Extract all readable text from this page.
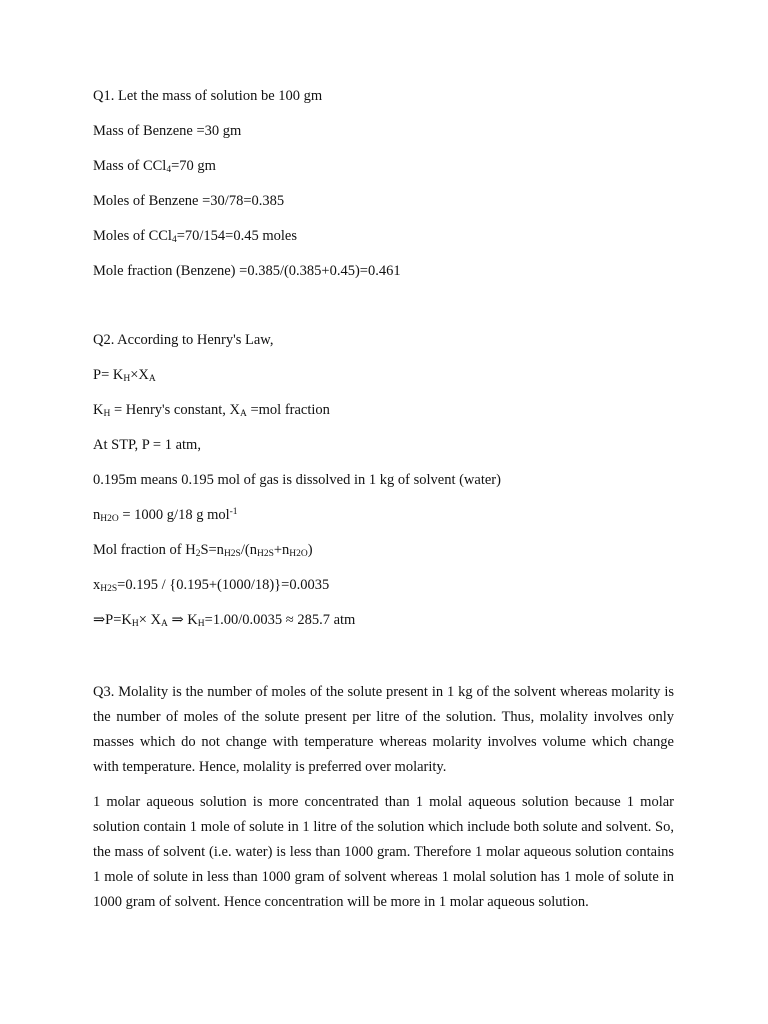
Q1. Let the mass of solution be 100 gm

Mass of Benzene =30 gm

Mass of CCl$_4$=70 gm

Moles of Benzene =30/78=0.385

Moles of CCl$_4$=70/154=0.45 moles

Mole fraction (Benzene) =0.385/(0.385+0.45)=0.461

Q2. According to Henry's Law,

$P= K_H\times X_A$

$K_H$ = Henry's constant, $X_A =mol$ fraction

At STP, P = 1 atm,

0.195m means 0.195 mol of gas is dissolved in 1 kg of solvent (water)

$n_{H2O} = 1000$ g/18 g mol$^{-1}$

Mol fraction of $H_2S=n_{H2S}/(n_{H2S}+n_{H2O})$

$x_{H2S}=0.195 / \{0.195+(1000/18)\}=0.0035$

$\Rightarrow P=K_H\times X_A$ ⇒ $K_H=1.00/0.0035 \approx 285.7$ atm

Q3. Molality is the number of moles of the solute present in 1 kg of the solvent whereas molarity is the number of moles of the solute present per litre of the solution. Thus, molality involves only masses which do not change with temperature whereas molarity involves volume which change with temperature. Hence, molality is preferred over molarity.

1 molar aqueous solution is more concentrated than 1 molal aqueous solution because 1 molar solution contain 1 mole of solute in 1 litre of the solution which include both solute and solvent. So, the mass of solvent (i.e. water) is less than 1000 gram. Therefore 1 molar aqueous solution contains 1 mole of solute in less than 1000 gram of solvent whereas 1 molal solution has 1 mole of solute in 1000 gram of solvent. Hence concentration will be more in 1 molar aqueous solution.
